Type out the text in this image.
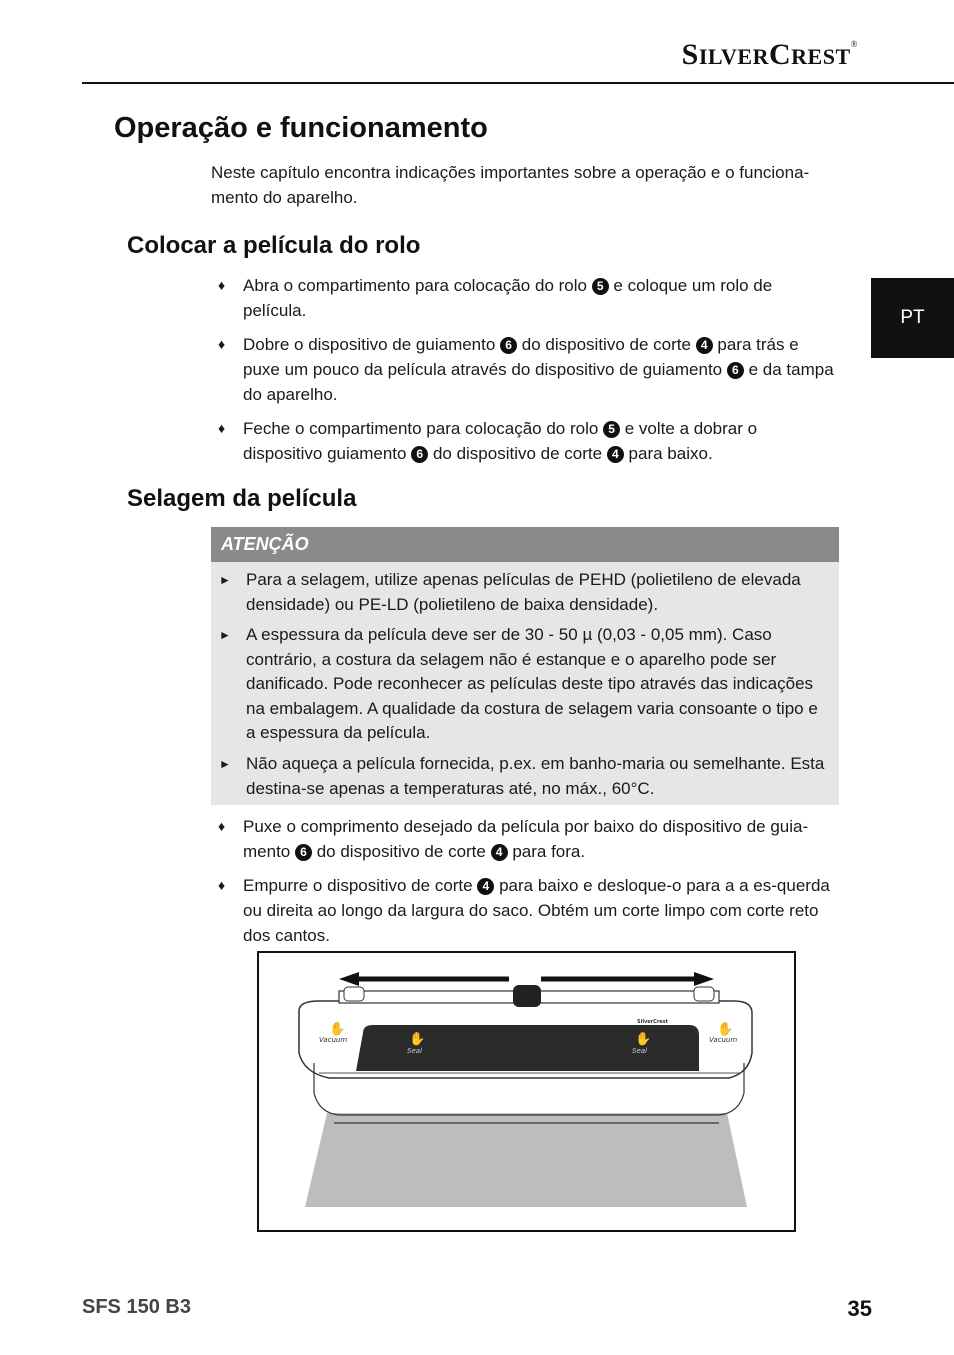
SILVERCREST®
Operação e funcionamento

Neste capítulo encontra indicações importantes sobre a operação e o funciona-mento do aparelho.

PT
Colocar a película do rolo
♦	Abra o compartimento para colocação do rolo 5 e coloque um rolo de película.
♦	Dobre o dispositivo de guiamento 6 do dispositivo de corte 4 para trás e puxe um pouco da película através do dispositivo de guiamento 6 e da tampa do aparelho.
♦	Feche o compartimento para colocação do rolo 5 e volte a dobrar o dispositivo guiamento 6 do dispositivo de corte 4 para baixo.
Selagem da película
ATENÇÃO
► Para a selagem, utilize apenas películas de PEHD (polietileno de elevada densidade) ou PE-LD (polietileno de baixa densidade).
► A espessura da película deve ser de 30 - 50 µ (0,03 - 0,05 mm). Caso contrário, a costura da selagem não é estanque e o aparelho pode ser danificado. Pode reconhecer as películas deste tipo através das indicações na embalagem. A qualidade da costura de selagem varia consoante o tipo e a espessura da película.
► Não aqueça a película fornecida, p.ex. em banho-maria ou semelhante. Esta destina-se apenas a temperaturas até, no máx., 60°C.
♦	Puxe o comprimento desejado da película por baixo do dispositivo de guia-mento 6 do dispositivo de corte 4 para fora.
♦	Empurre o dispositivo de corte 4 para baixo e desloque-o para a a es-querda ou direita ao longo da largura do saco. Obtém um corte limpo com corte reto dos cantos.
✋	✋
✋	✋
Vacuum	Vacuum
Seal	Seal
SilverCrest
SFS 150 B3	35
